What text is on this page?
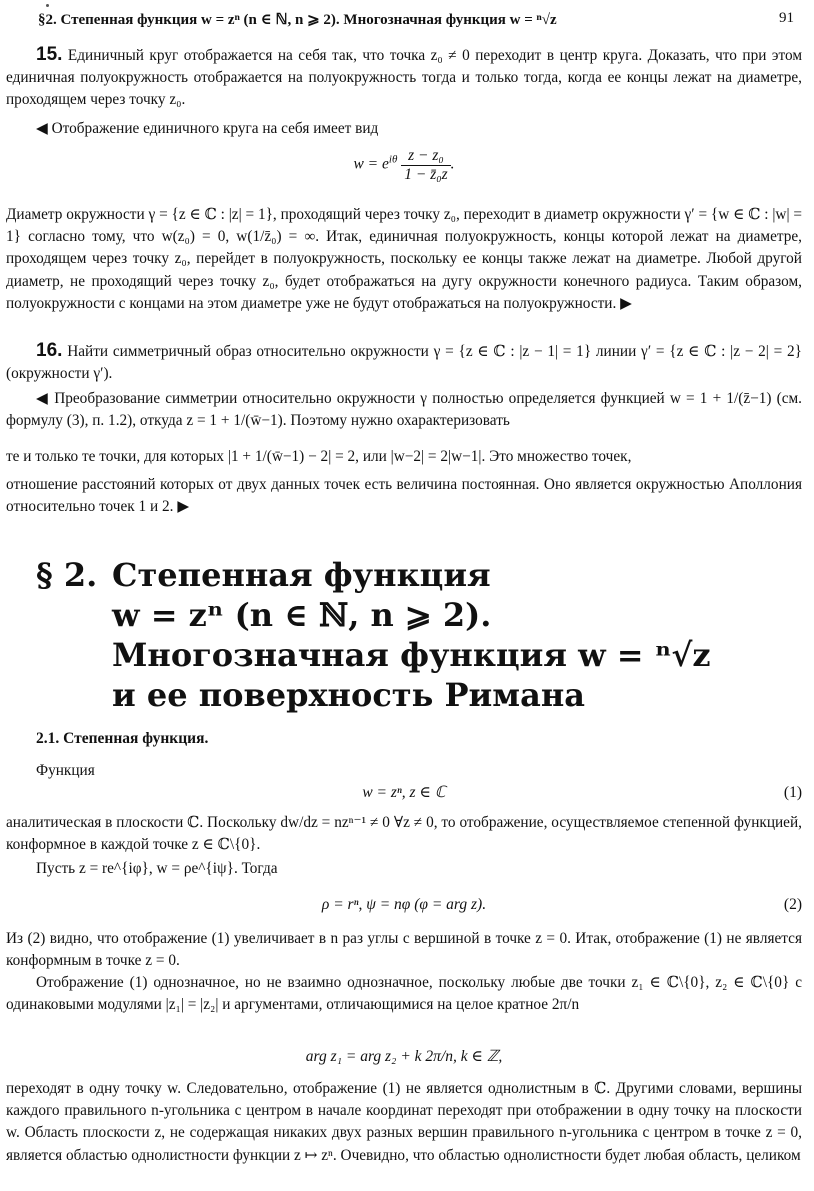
§2. Степенная функция w = zⁿ (n ∈ ℕ, n ⩾ 2). Многозначная функция w = ⁿ√z	91

15. Единичный круг отображается на себя так, что точка z₀ ≠ 0 переходит в центр круга. Доказать, что при этом единичная полуокружность отображается на полуокружность тогда и только тогда, когда ее концы лежат на диаметре, проходящем через точку z₀.

◀ Отображение единичного круга на себя имеет вид

$w = e^{i\theta} \frac{\text{z − z₀}}{\text{1 − z̄₀z}}$ .

Диаметр окружности γ = {z ∈ ℂ : |z| = 1}, проходящий через точку z₀, переходит в диаметр окружности γ′ = {w ∈ ℂ : |w| = 1} согласно тому, что w(z₀) = 0, w(1/z̄₀) = ∞. Итак, единичная полуокружность, концы которой лежат на диаметре, проходящем через точку z₀, перейдет в полуокружность, поскольку ее концы также лежат на диаметре. Любой другой диаметр, не проходящий через точку z₀, будет отображаться на дугу окружности конечного радиуса. Таким образом, полуокружности с концами на этом диаметре уже не будут отображаться на полуокружности. ▶

16. Найти симметричный образ относительно окружности γ = {z ∈ ℂ : |z − 1| = 1} линии γ′ = {z ∈ ℂ : |z − 2| = 2} (окружности γ′).

◀ Преобразование симметрии относительно окружности γ полностью определяется функцией w = 1 + 1/(z̄−1) (см. формулу (3), п. 1.2), откуда z = 1 + 1/(w̄−1). Поэтому нужно охарактеризовать

те и только те точки, для которых |1 + 1/(w̄−1) − 2| = 2, или |w−2| = 2|w−1|. Это множество точек,

отношение расстояний которых от двух данных точек есть величина постоянная. Оно является окружностью Аполлония относительно точек 1 и 2. ▶

§ 2. Степенная функция
w = zⁿ (n ∈ ℕ, n ⩾ 2).
Многозначная функция w = ⁿ√z
и ее поверхность Римана
2.1. Степенная функция.

Функция

w = zⁿ, z ∈ ℂ	(1)

аналитическая в плоскости ℂ. Поскольку dw/dz = nzⁿ⁻¹ ≠ 0 ∀z ≠ 0, то отображение, осуществляемое степенной функцией, конформное в каждой точке z ∈ ℂ\{0}.

Пусть z = re^{iφ}, w = ρe^{iψ}. Тогда

ρ = rⁿ, ψ = nφ (φ = arg z).	(2)

Из (2) видно, что отображение (1) увеличивает в n раз углы с вершиной в точке z = 0. Итак, отображение (1) не является конформным в точке z = 0.

Отображение (1) однозначное, но не взаимно однозначное, поскольку любые две точки z₁ ∈ ℂ\{0}, z₂ ∈ ℂ\{0} с одинаковыми модулями |z₁| = |z₂| и аргументами, отличающимися на целое кратное 2π/n

arg z₁ = arg z₂ + k 2π/n, k ∈ ℤ,

переходят в одну точку w. Следовательно, отображение (1) не является однолистным в ℂ. Другими словами, вершины каждого правильного n-угольника с центром в начале координат переходят при отображении в одну точку на плоскости w. Область плоскости z, не содержащая никаких двух разных вершин правильного n-угольника с центром в точке z = 0, является областью однолистности функции z ↦ zⁿ. Очевидно, что областью однолистности будет любая область, целиком
